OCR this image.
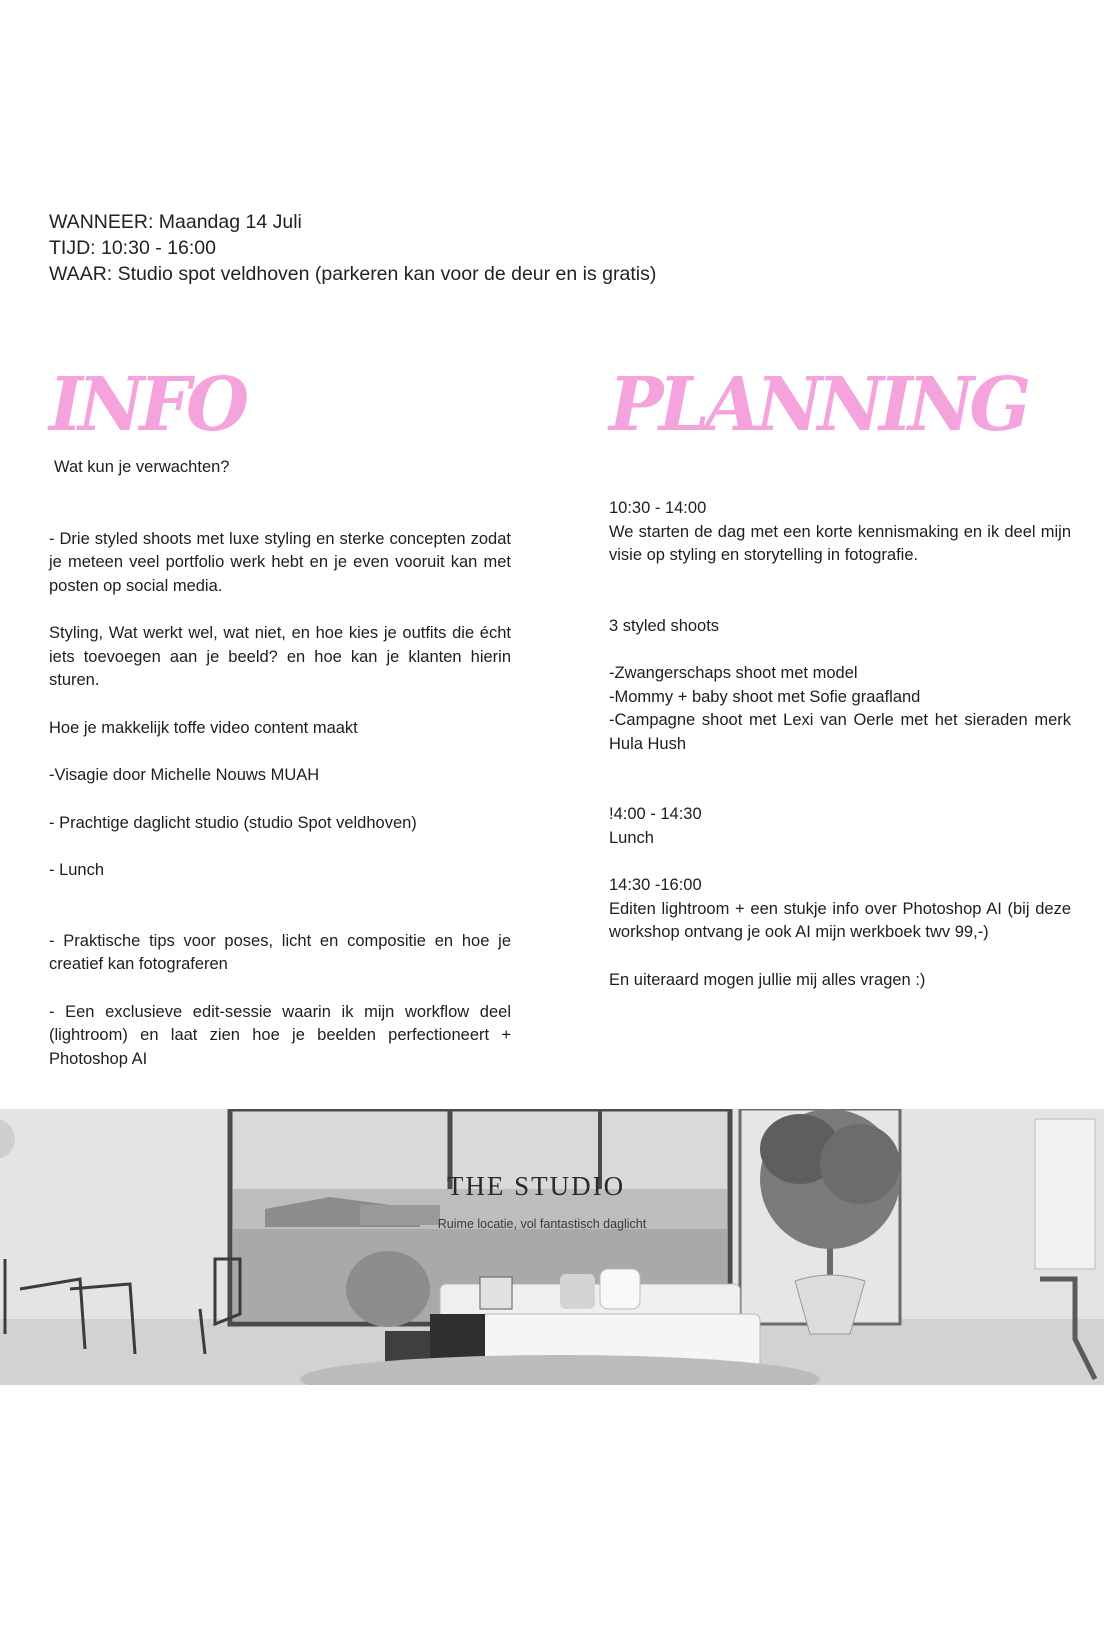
WANNEER: Maandag 14 Juli
TIJD: 10:30 - 16:00
WAAR: Studio spot veldhoven (parkeren kan voor de deur en is gratis)
INFO

Wat kun je verwachten?

- Drie styled shoots met luxe styling en sterke concepten zodat je meteen veel portfolio werk hebt en je even vooruit kan met posten op social media.

Styling, Wat werkt wel, wat niet, en hoe kies je outfits die écht iets toevoegen aan je beeld? en hoe kan je klanten hierin sturen.

Hoe je makkelijk toffe video content maakt

-Visagie door Michelle Nouws MUAH

- Prachtige daglicht studio (studio Spot veldhoven)

- Lunch

- Praktische tips voor poses, licht en compositie en hoe je creatief kan fotograferen

- Een exclusieve edit-sessie waarin ik mijn workflow deel (lightroom) en laat zien hoe je beelden perfectioneert + Photoshop AI

PLANNING

10:30 - 14:00

We starten de dag met een korte kennismaking en ik deel mijn visie op styling en storytelling in fotografie.

3 styled shoots

-Zwangerschaps shoot met model

-Mommy + baby shoot met Sofie graafland

-Campagne shoot met Lexi van Oerle met het sieraden merk Hula Hush

!4:00 - 14:30

Lunch

14:30 -16:00

Editen lightroom + een stukje info over Photoshop AI (bij deze workshop ontvang je ook AI mijn werkboek twv 99,-)

En uiteraard mogen jullie mij alles vragen :)

THE STUDIO
Ruime locatie, vol fantastisch daglicht
